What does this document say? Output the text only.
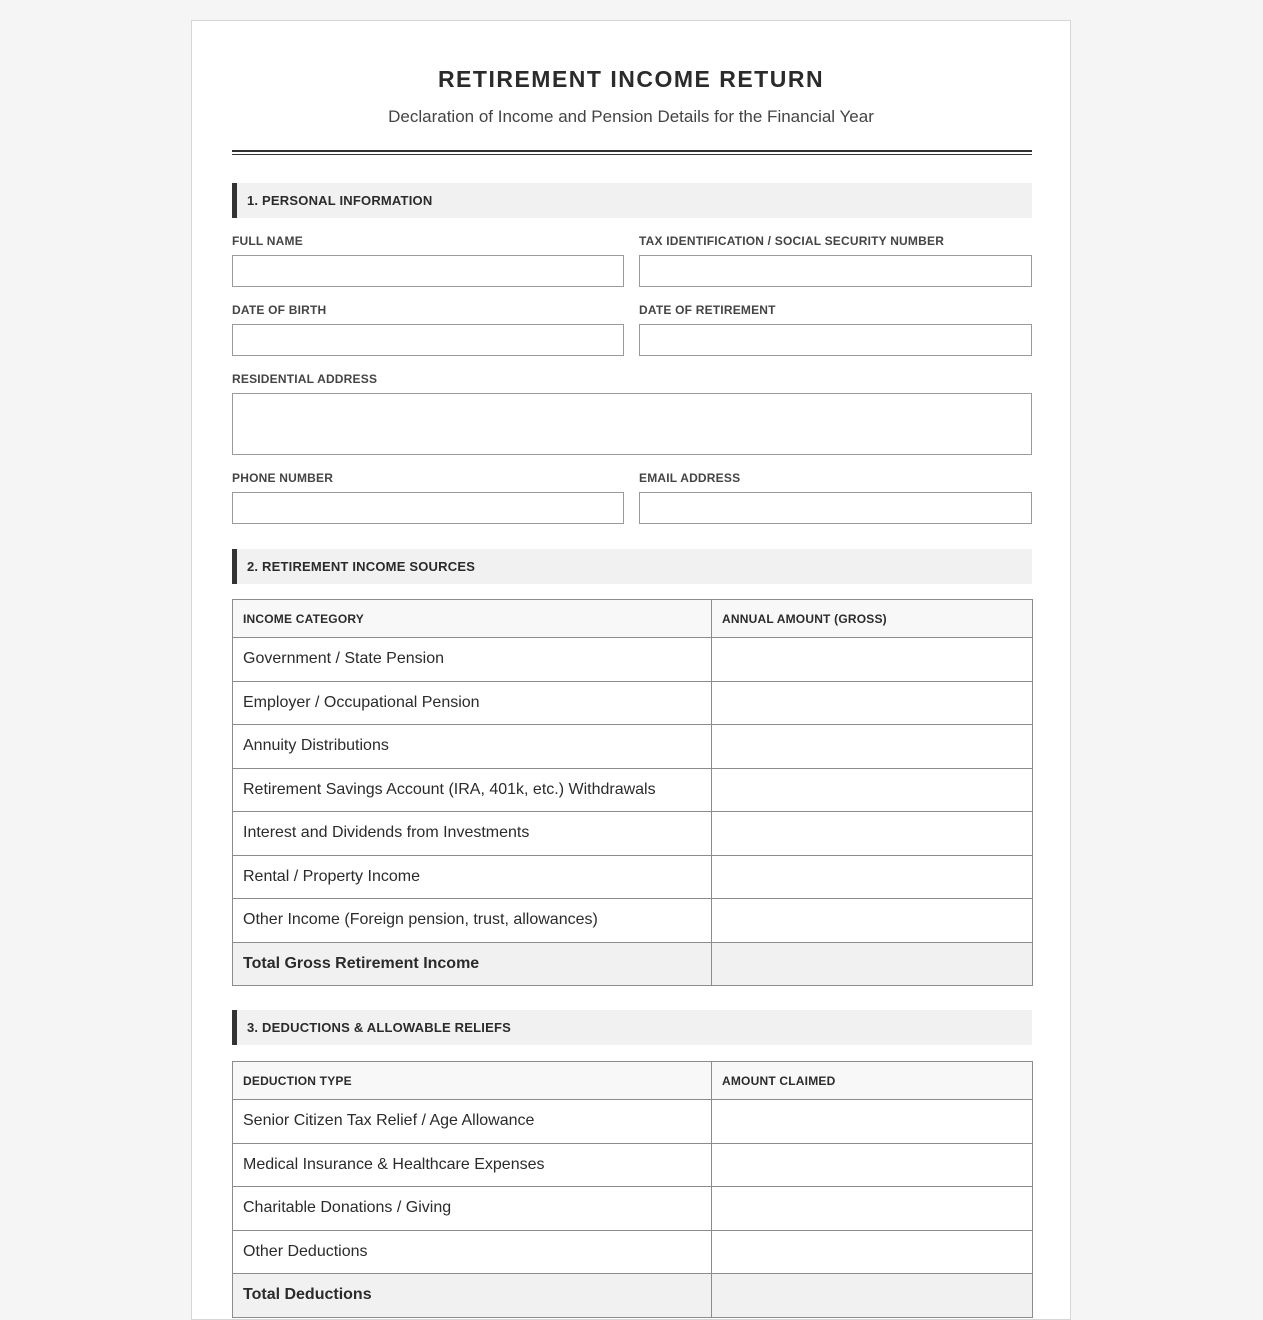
RETIREMENT INCOME RETURN
Declaration of Income and Pension Details for the Financial Year
1. PERSONAL INFORMATION
FULL NAME	TAX IDENTIFICATION / SOCIAL SECURITY NUMBER
DATE OF BIRTH	DATE OF RETIREMENT
RESIDENTIAL ADDRESS
PHONE NUMBER	EMAIL ADDRESS
2. RETIREMENT INCOME SOURCES
INCOME CATEGORY	ANNUAL AMOUNT (GROSS)
Government / State Pension	
Employer / Occupational Pension	
Annuity Distributions	
Retirement Savings Account (IRA, 401k, etc.) Withdrawals	
Interest and Dividends from Investments	
Rental / Property Income	
Other Income (Foreign pension, trust, allowances)	
Total Gross Retirement Income	
3. DEDUCTIONS & ALLOWABLE RELIEFS
DEDUCTION TYPE	AMOUNT CLAIMED
Senior Citizen Tax Relief / Age Allowance	
Medical Insurance & Healthcare Expenses	
Charitable Donations / Giving	
Other Deductions	
Total Deductions	
